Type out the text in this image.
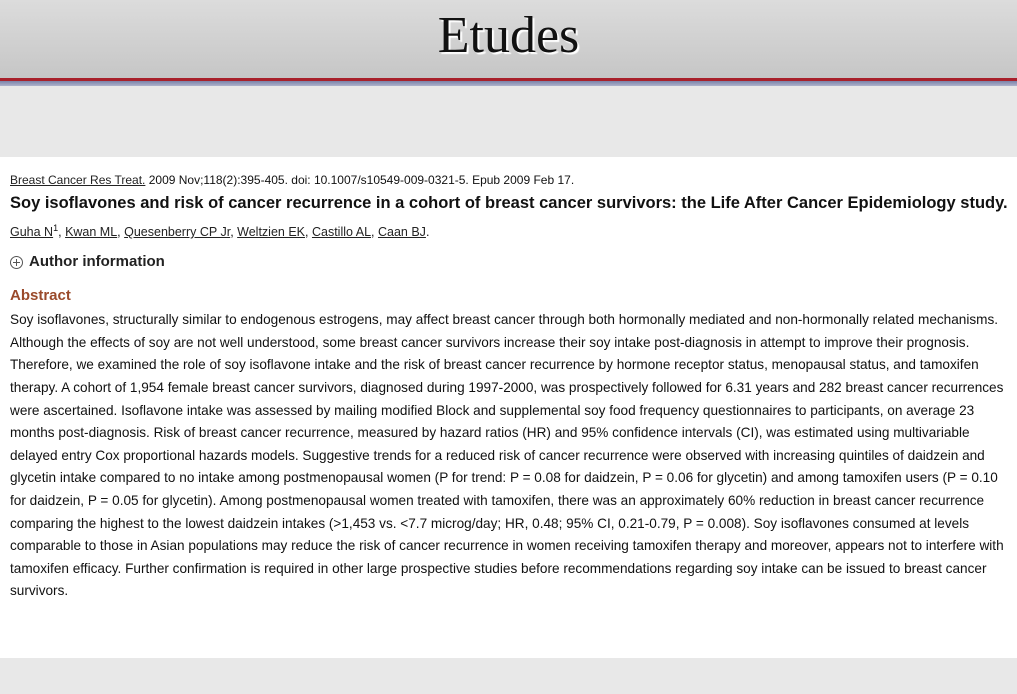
Etudes

Breast Cancer Res Treat. 2009 Nov;118(2):395-405. doi: 10.1007/s10549-009-0321-5. Epub 2009 Feb 17.

Soy isoflavones and risk of cancer recurrence in a cohort of breast cancer survivors: the Life After Cancer Epidemiology study.

Guha $N^1$, Kwan ML, Quesenberry CP Jr, Weltzien EK, Castillo AL, Caan BJ.

Author information
Abstract
Soy isoflavones, structurally similar to endogenous estrogens, may affect breast cancer through both hormonally mediated and non-hormonally related mechanisms. Although the effects of soy are not well understood, some breast cancer survivors increase their soy intake post-diagnosis in attempt to improve their prognosis. Therefore, we examined the role of soy isoflavone intake and the risk of breast cancer recurrence by hormone receptor status, menopausal status, and tamoxifen therapy. A cohort of 1,954 female breast cancer survivors, diagnosed during 1997-2000, was prospectively followed for 6.31 years and 282 breast cancer recurrences were ascertained. Isoflavone intake was assessed by mailing modified Block and supplemental soy food frequency questionnaires to participants, on average 23 months post-diagnosis. Risk of breast cancer recurrence, measured by hazard ratios (HR) and 95% confidence intervals (CI), was estimated using multivariable delayed entry Cox proportional hazards models. Suggestive trends for a reduced risk of cancer recurrence were observed with increasing quintiles of daidzein and glycetin intake compared to no intake among postmenopausal women (P for trend: P = 0.08 for daidzein, P = 0.06 for glycetin) and among tamoxifen users (P = 0.10 for daidzein, P = 0.05 for glycetin). Among postmenopausal women treated with tamoxifen, there was an approximately 60% reduction in breast cancer recurrence comparing the highest to the lowest daidzein intakes (>1,453 vs. <7.7 microg/day; HR, 0.48; 95% CI, 0.21-0.79, P = 0.008). Soy isoflavones consumed at levels comparable to those in Asian populations may reduce the risk of cancer recurrence in women receiving tamoxifen therapy and moreover, appears not to interfere with tamoxifen efficacy. Further confirmation is required in other large prospective studies before recommendations regarding soy intake can be issued to breast cancer survivors.
